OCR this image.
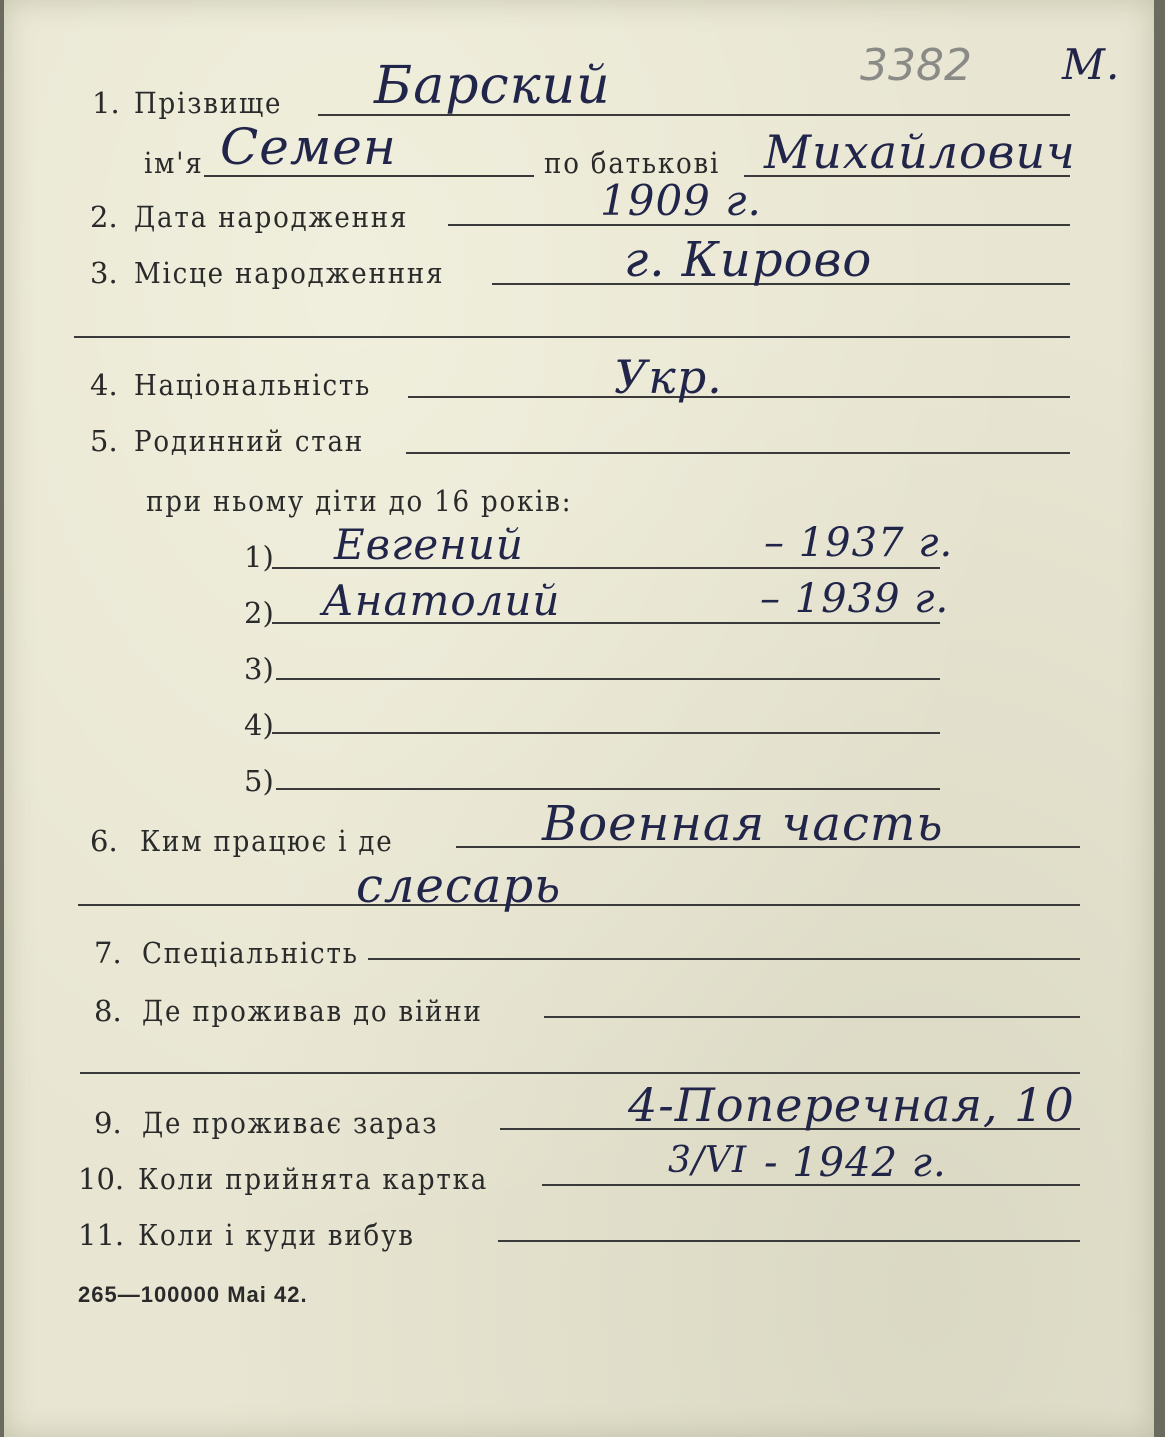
3382 М.
1. Прізвище Барский
ім'я Семен	по батькові Михайлович
2. Дата народження	1909 г.
3. Місце народженння	г. Кирово
4. Національність	Укр.
5. Родинний стан
при ньому діти до 16 років:
1) Евгений	– 1937 г.
2) Анатолий	– 1939 г.
3)
4)
5)
6. Ким працює і де	Военная часть
слесарь
7. Спеціальність
8. Де проживав до війни
9. Де проживає зараз	4-Поперечная, 10
10. Коли прийнята картка	3/VI - 1942 г.
11. Коли і куди вибув
265—100000 Mai 42.
